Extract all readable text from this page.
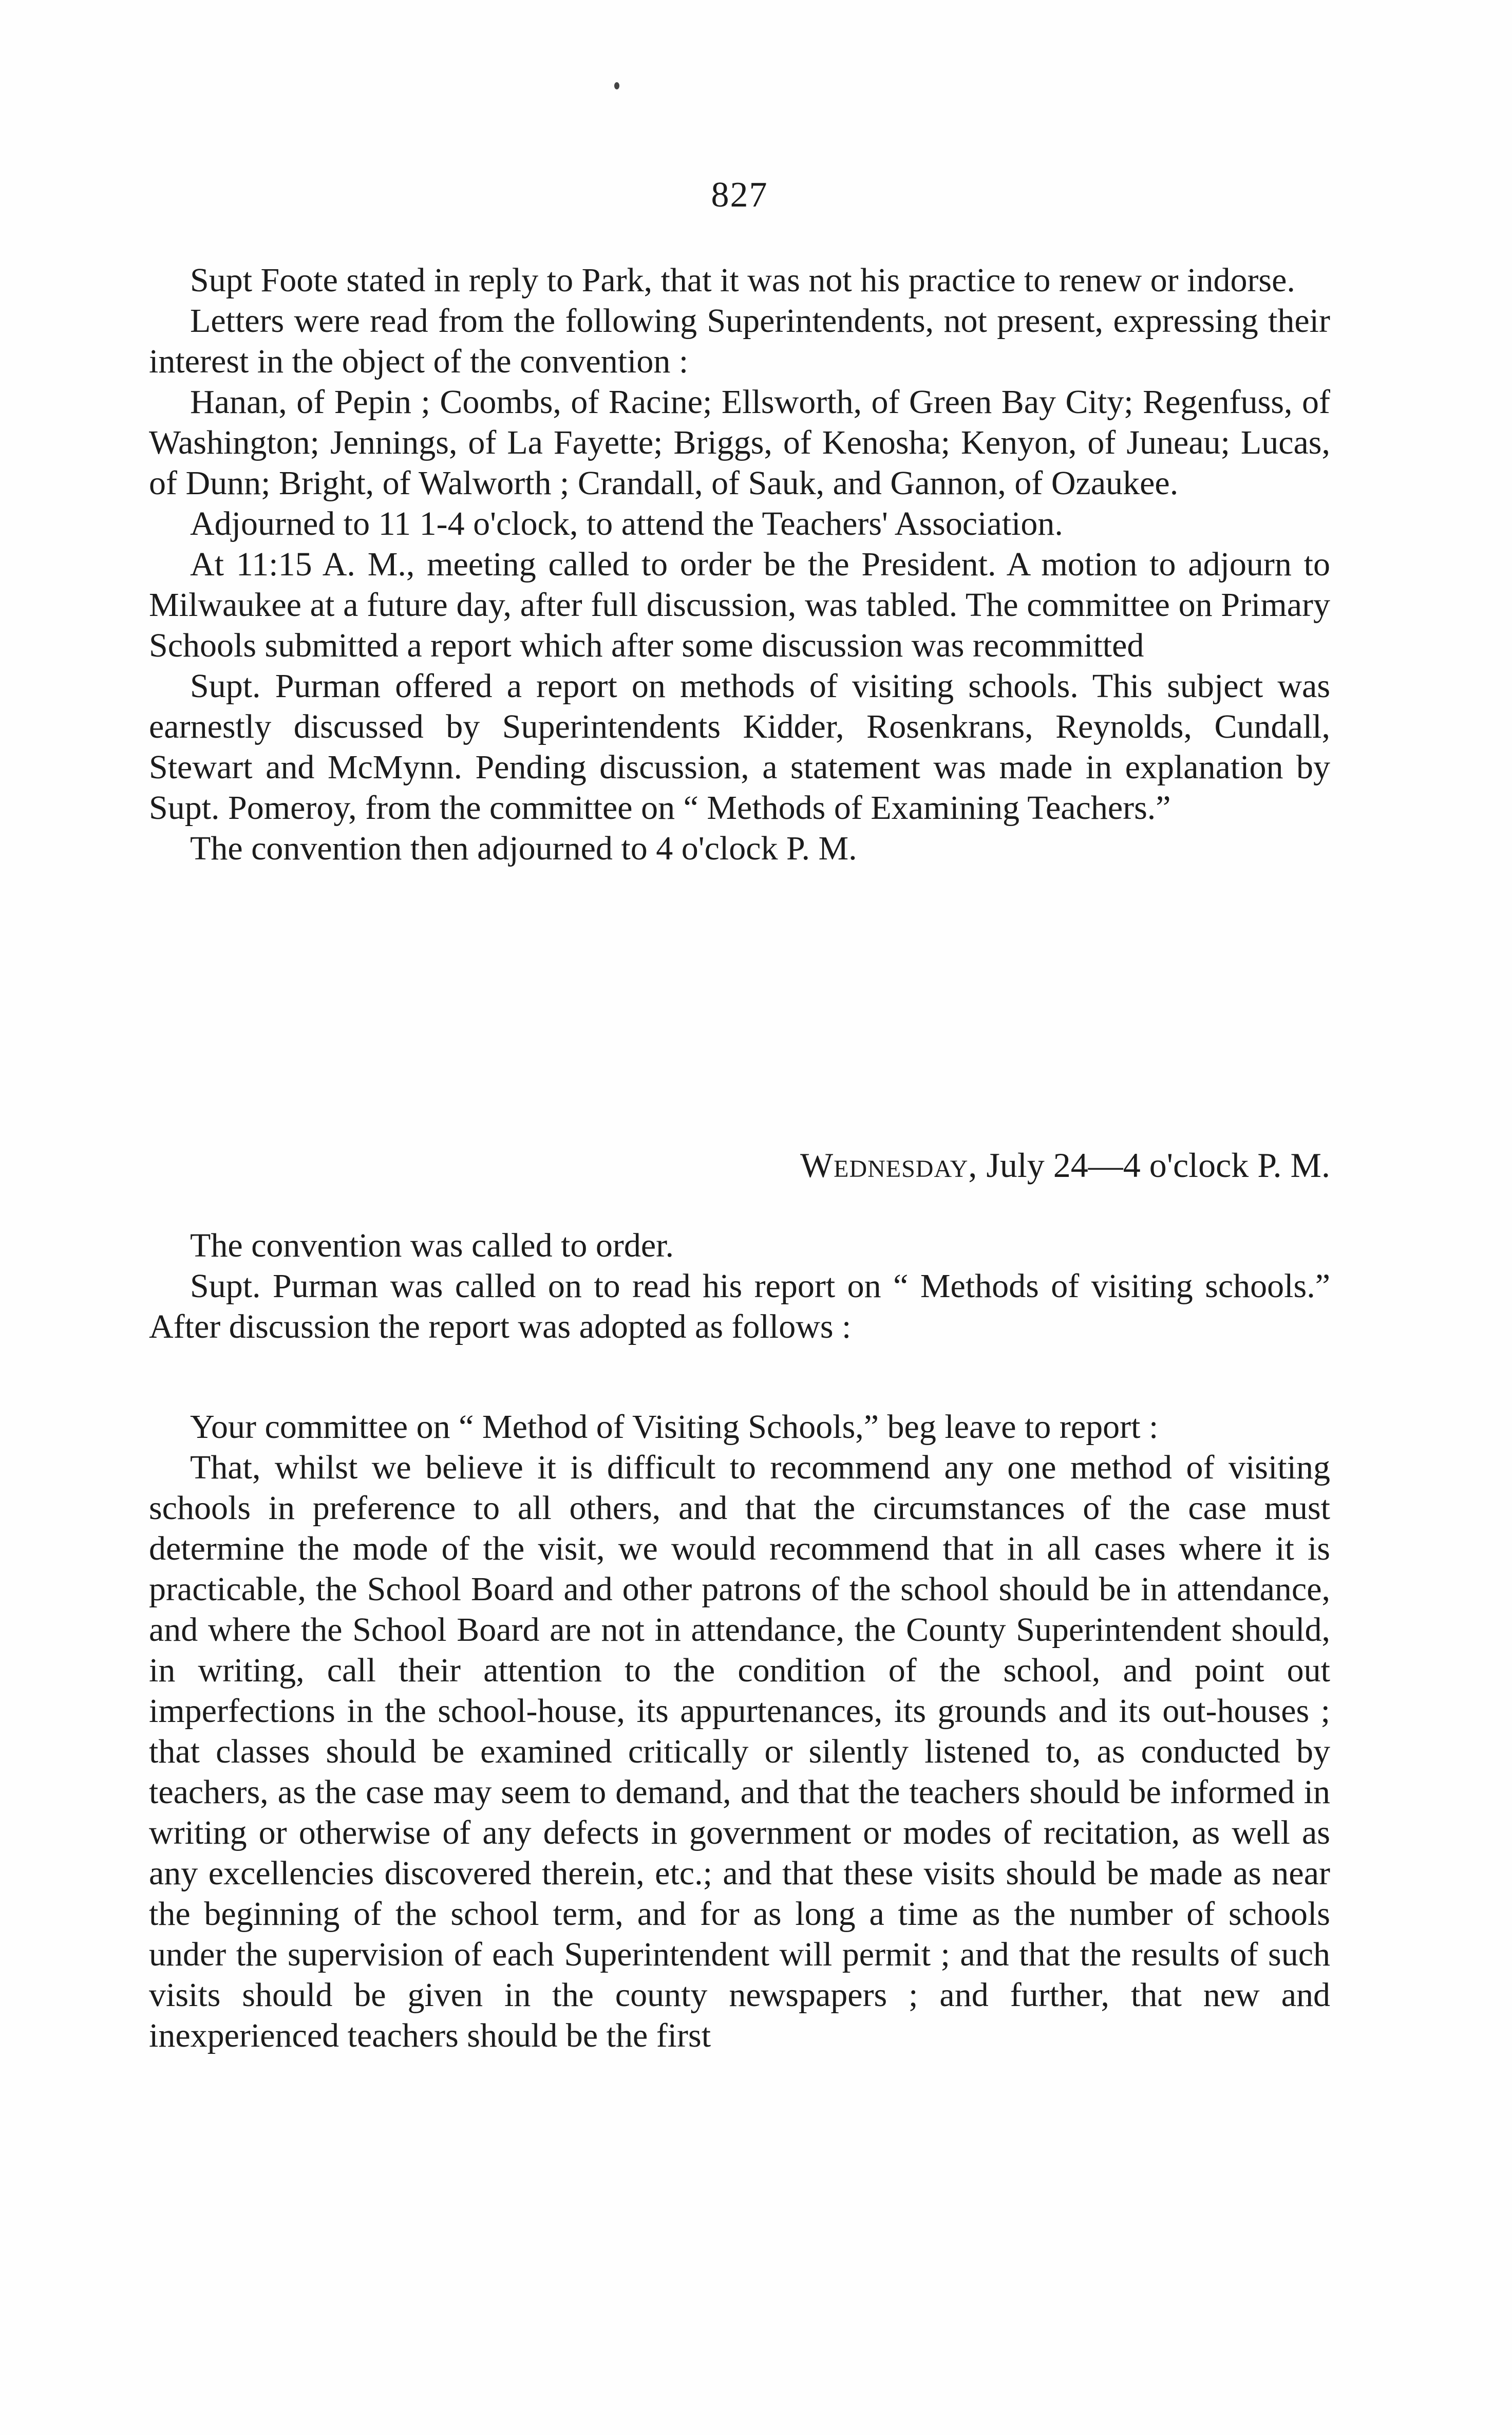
827

Supt Foote stated in reply to Park, that it was not his practice to renew or indorse.

Letters were read from the following Superintendents, not present, expressing their interest in the object of the convention :

Hanan, of Pepin ; Coombs, of Racine; Ellsworth, of Green Bay City; Regenfuss, of Washington; Jennings, of La Fayette; Briggs, of Kenosha; Kenyon, of Juneau; Lucas, of Dunn; Bright, of Walworth ; Crandall, of Sauk, and Gannon, of Ozaukee.

Adjourned to 11 1-4 o'clock, to attend the Teachers' Association.

At 11:15 A. M., meeting called to order be the President. A motion to adjourn to Milwaukee at a future day, after full discussion, was tabled. The committee on Primary Schools submitted a report which after some discussion was recommitted

Supt. Purman offered a report on methods of visiting schools. This subject was earnestly discussed by Superintendents Kidder, Rosenkrans, Reynolds, Cundall, Stewart and McMynn. Pending discussion, a statement was made in explanation by Supt. Pomeroy, from the committee on “ Methods of Examining Teachers.”

The convention then adjourned to 4 o'clock P. M.

Wednesday, July 24—4 o'clock P. M.

The convention was called to order.

Supt. Purman was called on to read his report on “ Methods of visiting schools.” After discussion the report was adopted as follows :

Your committee on “ Method of Visiting Schools,” beg leave to report :

That, whilst we believe it is difficult to recommend any one method of visiting schools in preference to all others, and that the circumstances of the case must determine the mode of the visit, we would recommend that in all cases where it is practicable, the School Board and other patrons of the school should be in attendance, and where the School Board are not in attendance, the County Superintendent should, in writing, call their attention to the condition of the school, and point out imperfections in the school-house, its appurtenances, its grounds and its out-houses ; that classes should be examined critically or silently listened to, as conducted by teachers, as the case may seem to demand, and that the teachers should be informed in writing or otherwise of any defects in government or modes of recitation, as well as any excellencies discovered therein, etc.; and that these visits should be made as near the beginning of the school term, and for as long a time as the number of schools under the supervision of each Superintendent will permit ; and that the results of such visits should be given in the county newspapers ; and further, that new and inexperienced teachers should be the first
